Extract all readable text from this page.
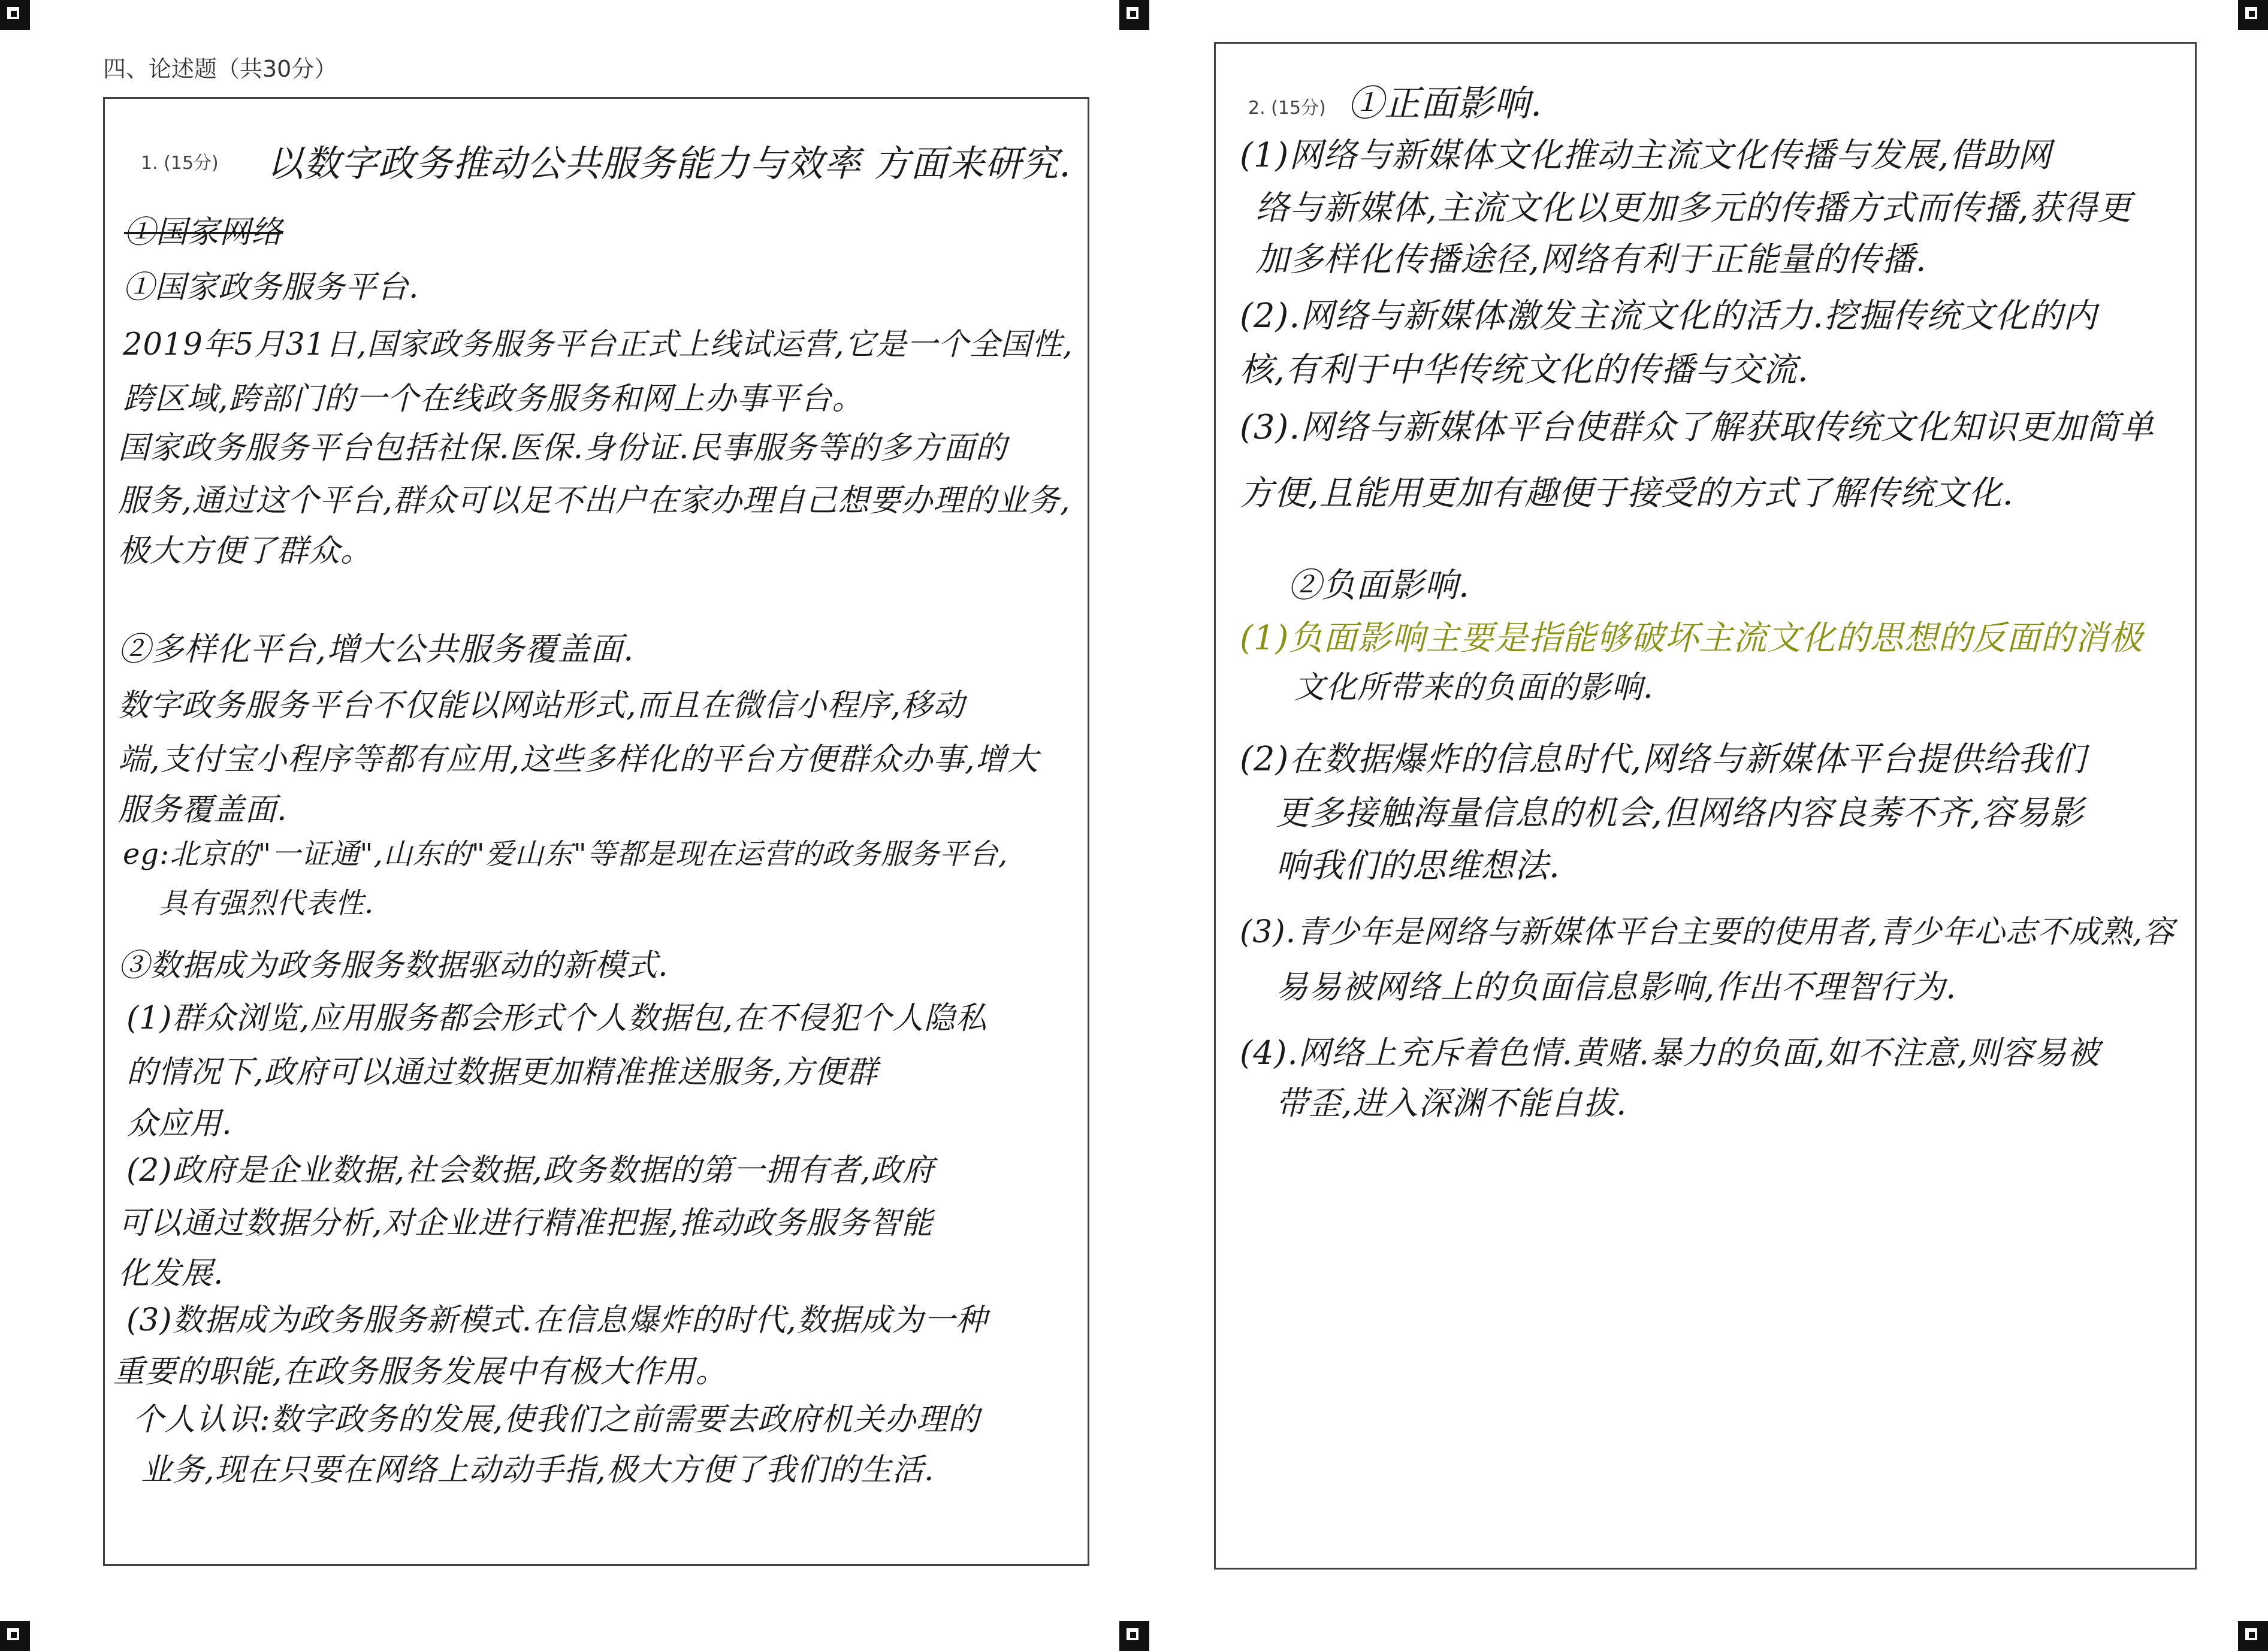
四、论述题（共30分）
1. (15分) 以数字政务推动公共服务能力与效率 方面来研究.
①国家网络
①国家政务服务平台.
2019年5月31日,国家政务服务平台正式上线试运营,它是一个全国性,
跨区域,跨部门的一个在线政务服务和网上办事平台。
国家政务服务平台包括社保.医保.身份证.民事服务等的多方面的
服务,通过这个平台,群众可以足不出户在家办理自己想要办理的业务,
极大方便了群众。
②多样化平台,增大公共服务覆盖面.
数字政务服务平台不仅能以网站形式,而且在微信小程序,移动
端,支付宝小程序等都有应用,这些多样化的平台方便群众办事,增大
服务覆盖面.
eg:北京的"一证通",山东的"爱山东"等都是现在运营的政务服务平台,
具有强烈代表性.
③数据成为政务服务数据驱动的新模式.
(1)群众浏览,应用服务都会形式个人数据包,在不侵犯个人隐私
的情况下,政府可以通过数据更加精准推送服务,方便群
众应用.
(2)政府是企业数据,社会数据,政务数据的第一拥有者,政府
可以通过数据分析,对企业进行精准把握,推动政务服务智能
化发展.
(3)数据成为政务服务新模式.在信息爆炸的时代,数据成为一种
重要的职能,在政务服务发展中有极大作用。
个人认识:数字政务的发展,使我们之前需要去政府机关办理的
业务,现在只要在网络上动动手指,极大方便了我们的生活.
2. (15分) ①正面影响.
(1)网络与新媒体文化推动主流文化传播与发展,借助网
络与新媒体,主流文化以更加多元的传播方式而传播,获得更
加多样化传播途径,网络有利于正能量的传播.
(2).网络与新媒体激发主流文化的活力.挖掘传统文化的内
核,有利于中华传统文化的传播与交流.
(3).网络与新媒体平台使群众了解获取传统文化知识更加简单
方便,且能用更加有趣便于接受的方式了解传统文化.
②负面影响.
(1)负面影响主要是指能够破坏主流文化的思想的反面的消极
文化所带来的负面的影响.
(2)在数据爆炸的信息时代,网络与新媒体平台提供给我们
更多接触海量信息的机会,但网络内容良莠不齐,容易影
响我们的思维想法.
(3).青少年是网络与新媒体平台主要的使用者,青少年心志不成熟,容
易易被网络上的负面信息影响,作出不理智行为.
(4).网络上充斥着色情.黄赌.暴力的负面,如不注意,则容易被
带歪,进入深渊不能自拔.
